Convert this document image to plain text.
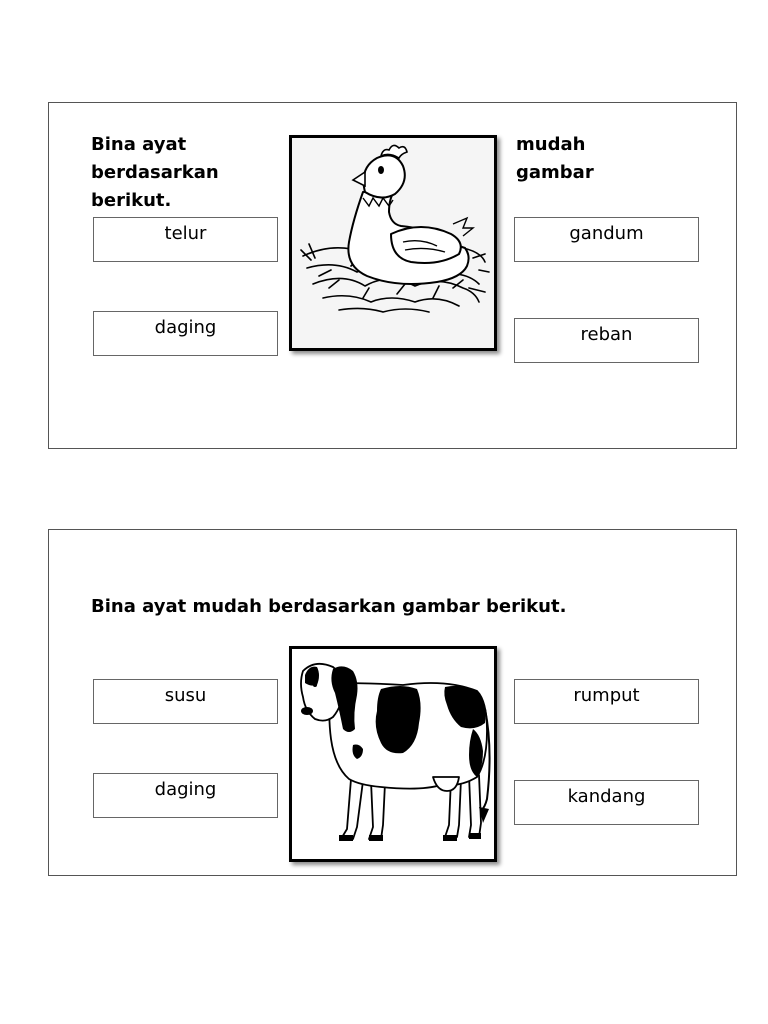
Bina ayat
berdasarkan
berikut.
mudah
gambar
telur
daging
gandum
reban
Bina ayat mudah berdasarkan gambar berikut.
susu
daging
rumput
kandang
